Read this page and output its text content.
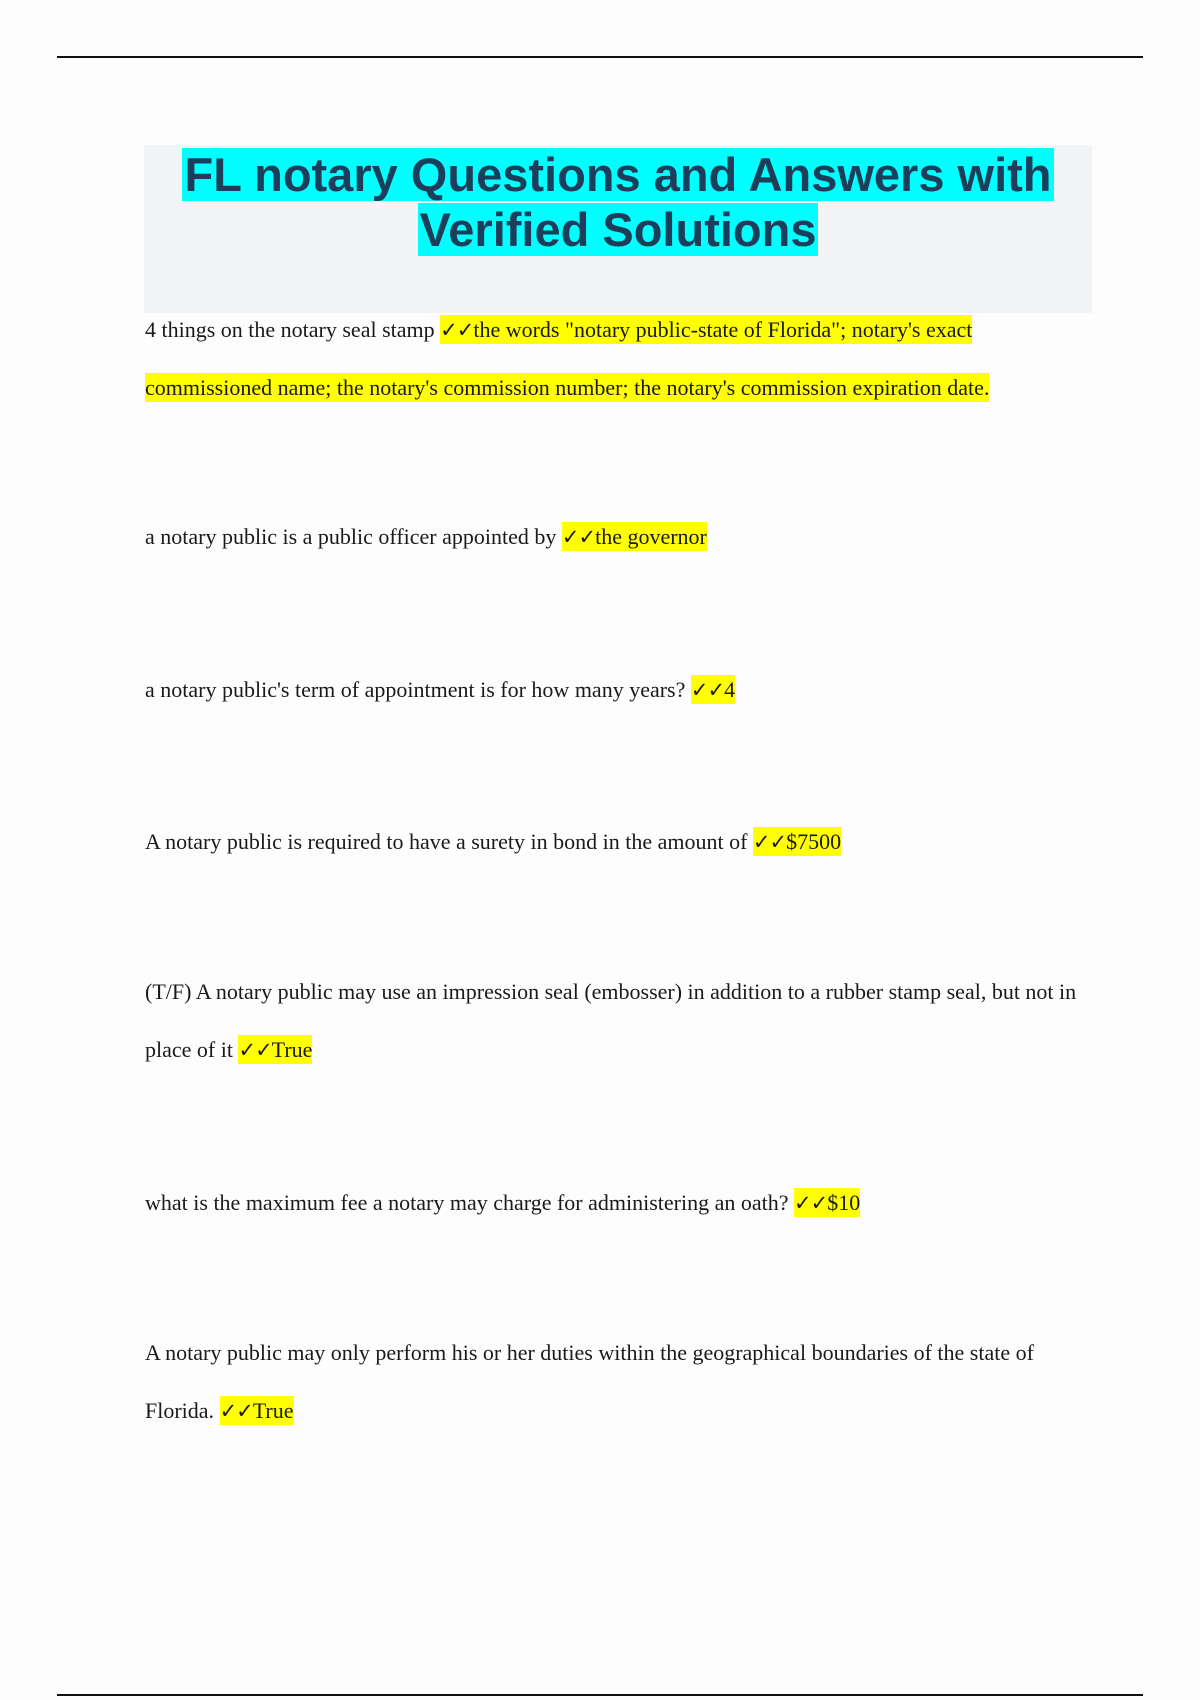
FL notary Questions and Answers with
Verified Solutions

4 things on the notary seal stamp ✓✓the words "notary public-state of Florida"; notary's exact commissioned name; the notary's commission number; the notary's commission expiration date.

a notary public is a public officer appointed by ✓✓the governor

a notary public's term of appointment is for how many years? ✓✓4

A notary public is required to have a surety in bond in the amount of ✓✓$7500

(T/F) A notary public may use an impression seal (embosser) in addition to a rubber stamp seal, but not in place of it ✓✓True

what is the maximum fee a notary may charge for administering an oath? ✓✓$10

A notary public may only perform his or her duties within the geographical boundaries of the state of Florida. ✓✓True
